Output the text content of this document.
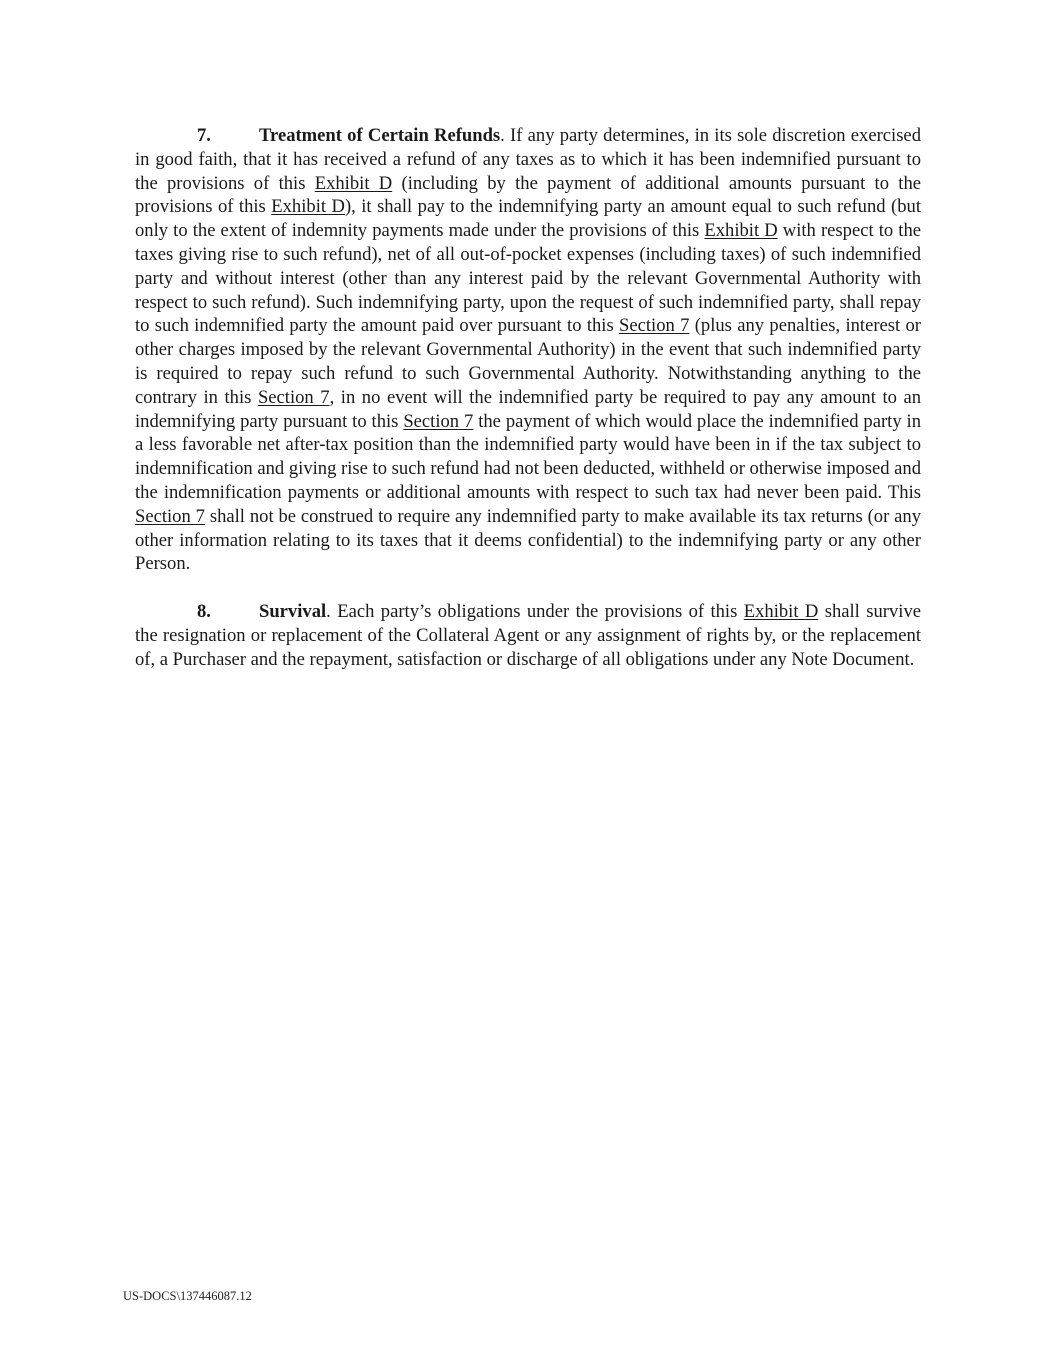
7.	Treatment of Certain Refunds. If any party determines, in its sole discretion exercised in good faith, that it has received a refund of any taxes as to which it has been indemnified pursuant to the provisions of this Exhibit D (including by the payment of additional amounts pursuant to the provisions of this Exhibit D), it shall pay to the indemnifying party an amount equal to such refund (but only to the extent of indemnity payments made under the provisions of this Exhibit D with respect to the taxes giving rise to such refund), net of all out-of-pocket expenses (including taxes) of such indemnified party and without interest (other than any interest paid by the relevant Governmental Authority with respect to such refund). Such indemnifying party, upon the request of such indemnified party, shall repay to such indemnified party the amount paid over pursuant to this Section 7 (plus any penalties, interest or other charges imposed by the relevant Governmental Authority) in the event that such indemnified party is required to repay such refund to such Governmental Authority. Notwithstanding anything to the contrary in this Section 7, in no event will the indemnified party be required to pay any amount to an indemnifying party pursuant to this Section 7 the payment of which would place the indemnified party in a less favorable net after-tax position than the indemnified party would have been in if the tax subject to indemnification and giving rise to such refund had not been deducted, withheld or otherwise imposed and the indemnification payments or additional amounts with respect to such tax had never been paid. This Section 7 shall not be construed to require any indemnified party to make available its tax returns (or any other information relating to its taxes that it deems confidential) to the indemnifying party or any other Person.

8.	Survival. Each party’s obligations under the provisions of this Exhibit D shall survive the resignation or replacement of the Collateral Agent or any assignment of rights by, or the replacement of, a Purchaser and the repayment, satisfaction or discharge of all obligations under any Note Document.

US-DOCS\137446087.12
